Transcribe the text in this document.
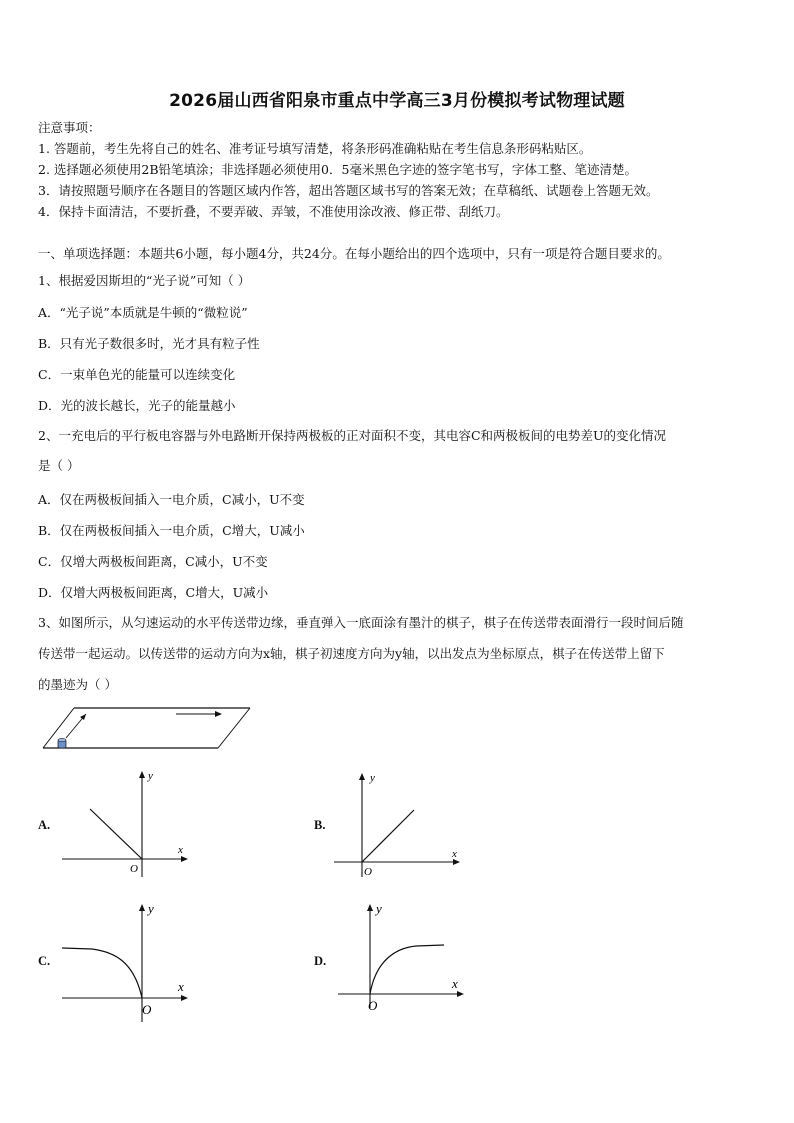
2026届山西省阳泉市重点中学高三3月份模拟考试物理试题
注意事项：
1. 答题前，考生先将自己的姓名、准考证号填写清楚，将条形码准确粘贴在考生信息条形码粘贴区。
2. 选择题必须使用2B铅笔填涂；非选择题必须使用0．5毫米黑色字迹的签字笔书写，字体工整、笔迹清楚。
3．请按照题号顺序在各题目的答题区域内作答，超出答题区域书写的答案无效；在草稿纸、试题卷上答题无效。
4．保持卡面清洁，不要折叠，不要弄破、弄皱，不准使用涂改液、修正带、刮纸刀。
一、单项选择题：本题共6小题，每小题4分，共24分。在每小题给出的四个选项中，只有一项是符合题目要求的。
1、根据爱因斯坦的“光子说”可知（ ）
A．“光子说”本质就是牛顿的“微粒说”
B．只有光子数很多时，光才具有粒子性
C．一束单色光的能量可以连续变化
D．光的波长越长，光子的能量越小
2、一充电后的平行板电容器与外电路断开保持两极板的正对面积不变，其电容C和两极板间的电势差U的变化情况
是（ ）
A．仅在两极板间插入一电介质，C减小，U不变
B．仅在两极板间插入一电介质，C增大，U减小
C．仅增大两极板间距离，C减小，U不变
D．仅增大两极板间距离，C增大，U减小
3、如图所示，从匀速运动的水平传送带边缘，垂直弹入一底面涂有墨汁的棋子，棋子在传送带表面滑行一段时间后随
传送带一起运动。以传送带的运动方向为x轴，棋子初速度方向为y轴，以出发点为坐标原点，棋子在传送带上留下
的墨迹为（ ）
A.
y
x
O
B.
y
x
O
C.
y
x
O
D.
y
x
O
